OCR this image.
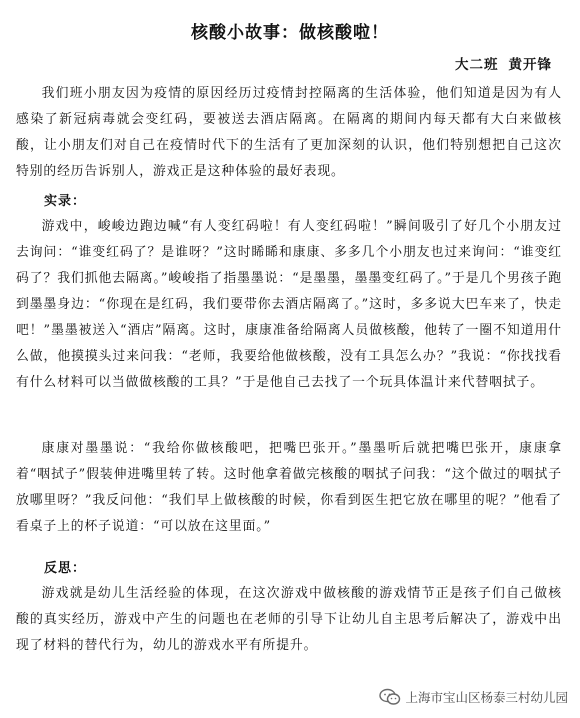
核酸小故事：做核酸啦！
大二班 黄开锋

我们班小朋友因为疫情的原因经历过疫情封控隔离的生活体验，他们知道是因为有人感染了新冠病毒就会变红码，要被送去酒店隔离。在隔离的期间内每天都有大白来做核酸，让小朋友们对自己在疫情时代下的生活有了更加深刻的认识，他们特别想把自己这次特别的经历告诉别人，游戏正是这种体验的最好表现。

实录：

游戏中，峻峻边跑边喊“有人变红码啦！有人变红码啦！”瞬间吸引了好几个小朋友过去询问：“谁变红码了？是谁呀？”这时睎睎和康康、多多几个小朋友也过来询问：“谁变红码了？我们抓他去隔离。”峻峻指了指墨墨说：“是墨墨，墨墨变红码了。”于是几个男孩子跑到墨墨身边：“你现在是红码，我们要带你去酒店隔离了。”这时，多多说大巴车来了，快走吧！”墨墨被送入“酒店”隔离。这时，康康准备给隔离人员做核酸，他转了一圈不知道用什么做，他摸摸头过来问我：“老师，我要给他做核酸，没有工具怎么办？”我说：“你找找看有什么材料可以当做做核酸的工具？”于是他自己去找了一个玩具体温计来代替咽拭子。

康康对墨墨说：“我给你做核酸吧，把嘴巴张开。”墨墨听后就把嘴巴张开，康康拿着“咽拭子”假装伸进嘴里转了转。这时他拿着做完核酸的咽拭子问我：“这个做过的咽拭子放哪里呀？”我反问他：“我们早上做核酸的时候，你看到医生把它放在哪里的呢？”他看了看桌子上的杯子说道：“可以放在这里面。”

反思：

游戏就是幼儿生活经验的体现，在这次游戏中做核酸的游戏情节正是孩子们自己做核酸的真实经历，游戏中产生的问题也在老师的引导下让幼儿自主思考后解决了，游戏中出现了材料的替代行为，幼儿的游戏水平有所提升。

上海市宝山区杨泰三村幼儿园
